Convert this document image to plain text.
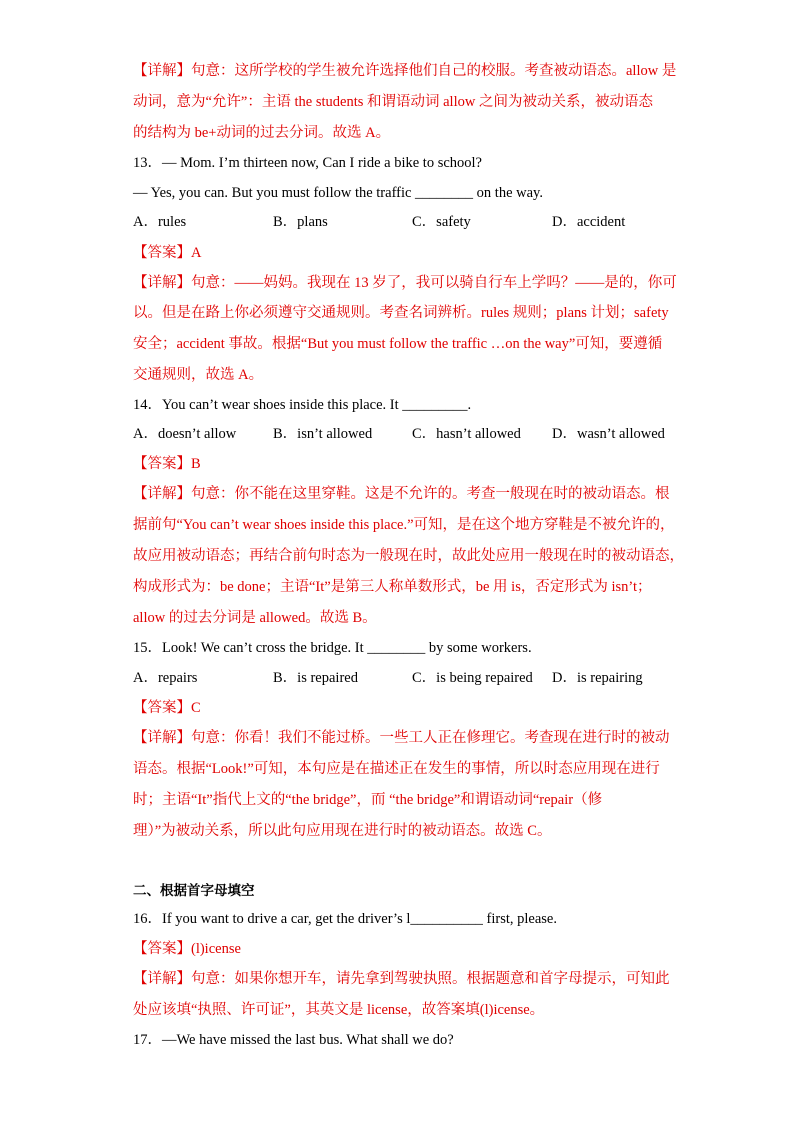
【详解】句意：这所学校的学生被允许选择他们自己的校服。考查被动语态。allow 是
动词，意为“允许”：主语 the students 和谓语动词 allow 之间为被动关系，被动语态
的结构为 be+动词的过去分词。故选 A。
13．— Mom. I’m thirteen now, Can I ride a bike to school?
— Yes, you can. But you must follow the traffic ________ on the way.
A．rules	B．plans	C．safety	D．accident
【答案】A
【详解】句意：——妈妈。我现在 13 岁了，我可以骑自行车上学吗？——是的，你可
以。但是在路上你必须遵守交通规则。考查名词辨析。rules 规则；plans 计划；safety
安全；accident 事故。根据“But you must follow the traffic …on the way”可知，要遵循
交通规则，故选 A。
14．You can’t wear shoes inside this place. It _________.
A．doesn’t allow	B．isn’t allowed	C．hasn’t allowed D．wasn’t allowed
【答案】B
【详解】句意：你不能在这里穿鞋。这是不允许的。考查一般现在时的被动语态。根
据前句“You can’t wear shoes inside this place.”可知，是在这个地方穿鞋是不被允许的，
故应用被动语态；再结合前句时态为一般现在时，故此处应用一般现在时的被动语态，
构成形式为：be done；主语“It”是第三人称单数形式，be 用 is，否定形式为 isn’t；
allow 的过去分词是 allowed。故选 B。
15．Look! We can’t cross the bridge. It ________ by some workers.
A．repairs	B．is repaired	C．is being repaired D．is repairing
【答案】C
【详解】句意：你看！我们不能过桥。一些工人正在修理它。考查现在进行时的被动
语态。根据“Look!”可知，本句应是在描述正在发生的事情，所以时态应用现在进行
时；主语“It”指代上文的“the bridge”，而 “the bridge”和谓语动词“repair（修
理）”为被动关系，所以此句应用现在进行时的被动语态。故选 C。
二、根据首字母填空
16．If you want to drive a car, get the driver’s l__________ first, please.
【答案】(l)icense
【详解】句意：如果你想开车，请先拿到驾驶执照。根据题意和首字母提示，可知此
处应该填“执照、许可证”，其英文是 license，故答案填(l)icense。
17．—We have missed the last bus. What shall we do?
